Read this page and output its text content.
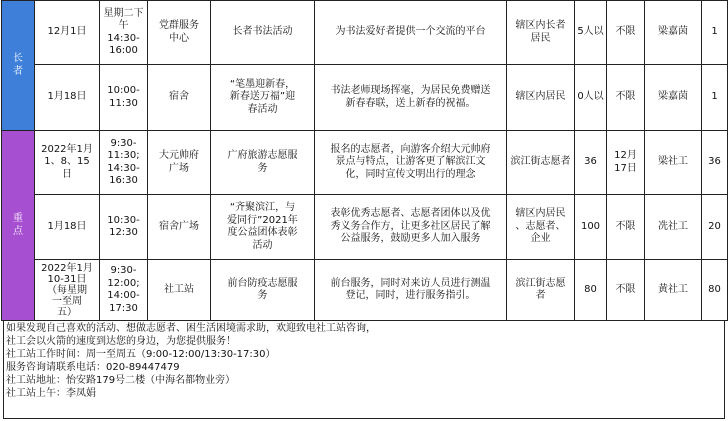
长
者	12月1日	星期二下
午
14:30-
16:00	党群服务
中心	长者书法活动	为书法爱好者提供一个交流的平台	辖区内长者
居民	5人以	不限	梁嘉茵	1
	1月18日	10:00-
11:30	宿舍	“笔墨迎新春，
新春送万福”迎
春活动	书法老师现场挥毫，为居民免费赠送
新春春联，送上新春的祝福。	辖区内居民	0人以	不限	梁嘉茵	1
重
点	2022年1月
1、8、15
日	9:30-
11:30;
14:30-
16:30	大元帅府
广场	广府旅游志愿服
务	报名的志愿者，向游客介绍大元帅府
景点与特点，让游客更了解滨江文
化，同时宣传文明出行的理念	滨江街志愿者	36	12月17日	梁社工	36
	1月18日	10:30-
12:30	宿舍广场	“齐聚滨江，与
爱同行”2021年
度公益团体表彰
活动	表彰优秀志愿者、志愿者团体以及优
秀义务合作方，让更多社区居民了解
公益服务，鼓励更多人加入服务	辖区内居民
、志愿者、
企业	100	不限	冼社工	20
	2022年1月
10-31日
（每星期
一至周
五）	9:30-
12:00;
14:00-
17:30	社工站	前台防疫志愿服
务	前台服务，同时对来访人员进行测温
登记，同时，进行服务指引。	滨江街志愿
者	80	不限	黄社工	80
如果发现自己喜欢的活动、想做志愿者、困生活困境需求助，欢迎致电社工站咨询，
社工会以火箭的速度到达您的身边，为您提供服务！
社工站工作时间：周一至周五（9:00-12:00/13:30-17:30）
服务咨询请联系电话：020-89447479
社工站地址：怡安路179号二楼（中海名都物业旁）
社工站上午：李凤娟
